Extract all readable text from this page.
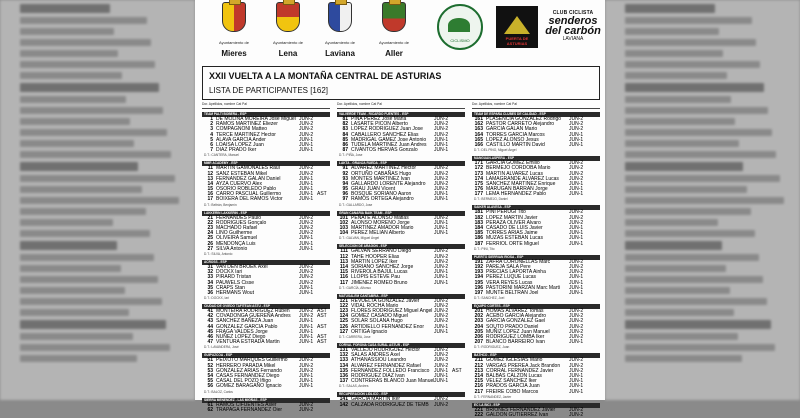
Ayuntamiento de
Mieres
Ayuntamiento de
Lena
Ayuntamiento de
Laviana
Ayuntamiento de
Aller
CICLISMO	PUERTA DE ASTURIAS
CLUB CICLISTA
senderos
del carbón
LAVIANA
XXII VUELTA A LA MONTAÑA CENTRAL DE ASTURIAS
LISTA DE PARTICIPANTES [162]
Dor. Apellidos, nombre Cat Pal
TEAM PALTI BOBERA - ESP
1 DE MOLINA MOREIRA Jose Miguel JUN-2
2 RAMOS MARTINEZ Eliezer	JUN-2
3 COMPAGNONI Matteo	JUN-2
4 TERCE MARTINEZ Hector	JUN-2
5 ALAVA GARCIA Ander	JUN-1
6 LOAISA LOPEZ Juan	JUN-1
7 DIAZ PRADO Iker	JUN-1
D.T.: CANTERA, Manuel
MMR ACADEMY - ESP
11 MARTIN GAMONALES Raul	JUN-2
12 SANZ ESTEBAN Mikel	JUN-2
13 FERNANDEZ GALAN Daniel	JUN-1
14 AYZA CUERVO Alex	JUN-1
15 OSORIO ROBLEDO Pablo	JUN-1
16 CARRO PASCUAL Guillermo	JUN-1 AST
17 BOIXERA DEL RAMOS Victor	JUN-1
D.T.: Beltrán, Benjamín
LAKKERIN LAKKERIN - ESP
21 FERNANDES Paulo	JUN-2
22 RODRIGUES Gonçalo	JUN-2
23 MACHADO Rafael	JUN-2
24 LINO Guilherme	JUN-2
25 OLIVEIRA Samuel	JUN-1
26 MENDONÇA Luis	JUN-1
27 SILVA Antonio	JUN-1
D.T.: SILVA, Antonio
ACROSS - ESP
31 VAN DEN BROEK Axel	JUN-2
32 DOCKX Iari	JUN-2
33 PIRARD Tristan	JUN-2
34 PAUWELS Cisse	JUN-2
35 CRAPS Stan	JUN-1
36 HERMANS Wout	JUN-1
D.T.: DOCKX, Iari
CIUDAD DE OVIEDO TAFITEAN ASTU - ESP
41 MONTEIRA RODRIGUEZ Ruben	JUN-2 AST
42 COVADONGA GUEREÑA Andres	JUN-2 AST
43 SANCHEZ BAÑEZA Juan	JUN-1
44 GONZALEZ GARCIA Pablo	JUN-1 AST
45 FRAGA VALDES Jorge	JUN-1
46 NUÑEZ LOPEZ Diego	JUN-1 AST
47 VENTURA ESTRADA Martin	JUN-1 AST
D.T.: LAVANDERA, José
GUIPUZCOA - ESP
51 PEIXOTO MARQUES Guillermo	JUN-2
52 HERRERO PARADA Mikel	JUN-2
53 GONZALEZ ARIAS Fernando	JUN-2
54 CASAS FERNANDEZ Diego	JUN-1
55 CASAL DEL POZO Iñigo	JUN-1
56 GOMEZ BARAGAÑO Ignacio	JUN-1
D.T.: BALOZ, Carlos
SIERRA MENENDEZ - LAS MIGÑAS - ESP
61 RAMOS CIFUENTES Asier	JUN-2
62 TRAPAGA FERNANDEZ Oier	JUN-2
Dor. Apellidos, nombre Cat Pal
VALVERDE TEAM - RICARDO FUENTES - ESP
81 PIÑA PEREZ Jose Maria	JUN-2
82 LASARTE PICON Alberto	JUN-2
83 LOPEZ RODRIGUEZ Juan Jose	JUN-2
84 CABALLERO SANCHEZ Elias	JUN-2
85 MADRIGAL GAMEZ Jose Antonio	JUN-1
86 TUDELA MARTINEZ Juan Andres	JUN-1
87 CIVANTOS HERVAS Gonzalo	JUN-1
D.T.: PIÑA, Jose
LAKTA - GRANJA RUEDA - ESP
91 ALVAREZ MARTINEZ Hector	JUN-2
92 ORTUÑO CABAÑAS Hugo	JUN-2
93 MONTES MARTINEZ Ivan	JUN-2
94 GALLARDO LORENTE Alejandro	JUN-2
95 GRAU JUAN Vicent	JUN-2
96 BOSQUE SORIANO Aaron	JUN-1
97 RAMOS ORTEGA Alejandro	JUN-1
D.T.: GALLARDO, Jose
GRAN CANARIA BAIK TEAM - ESP
101 PEÑATE ALONSO Matias	JUN-2
102 ALONSO MORENO Jorge	JUN-1
103 MARTINEZ AMADOR Mario	JUN-1
104 PEREZ MELIAN Alberto	JUN-1
D.T.: GALVAN, Miguel Ángel
SELECCION DE ARAGON - ESP
111 GALVAN SERRANO Diego	JUN-2
112 TAHE HOOPER Elias	JUN-2
113 MARTIN LOPEZ Iker	JUN-2
114 SORIANO SANCHEZ Jorge	JUN-2
115 RIVEROLA BAJUL Lucas	JUN-1
116 LLOPIS ESTEVE Pau	JUN-1
117 JIMENEZ ROMEO Bruno	JUN-1
D.T.: GARCÍA, Alfonso
MATUSALEM CANTABRIA - ESP
121 REVUELTA GONZALEZ Javier	JUN-2
122 VIDAL ROCHA Mario	JUN-2
123 FLORES RODRIGUEZ Miguel Angel JUN-2
124 GOMEZ CASADO Miguel	JUN-2
125 SOLAR SOLANA Hugo	JUN-2
126 ARTIDIELLO FERNANDEZ Enor	JUN-1
127 ORTIGA Ignacio	JUN-1
D.T.: CARRERA, Jose
CORVAL FORONA CASA SURAL ASTUR - ESP
131 VALLEJO RODRIGUEZ Hector	JUN-2
132 SALAS ANDRES Axel	JUN-2
133 ATHANASSIOU Leandro	JUN-2
134 ALVAREZ FERNANDEZ Rafael	JUN-2
135 FERNANDEZ FOLLEDO Francisco JUN-1 AST
136 RODRIGUEZ DIAZ Ivan	JUN-1
137 CONTRERAS BLANCO Juan Manuel JUN-1
D.T.: SALAS, Andres
RECUPERACION LIDLICO - ESP
141 GARCIA MARTIN Iker	JUN-2
142 CALZADA RODRIGUEZ DE TEMB	JUN-2
Dor. Apellidos, nombre Cat Pal
TEAM DE ESPAÑA CLUBES DE CALIDAD - ESP
161 PLASENCIA GONZALEZ Rodrigo	JUN-2
162 PASTOR CARRETO Alejandro	JUN-2
163 GARCIA GALAN Mario	JUN-2
164 TORRES GARCIA Marcos	JUN-1
165 LOPEZ ALONSO Jesus	JUN-1
166 CASTILLO MARTIN David	JUN-1
D.T.: DEL PINO, Miguel Ángel
MANGUAN-ASPERA - ESP
171 GARCIA GOMEZ Emilio	JUN-2
172 BERMEJO CORDOBA Mario	JUN-2
173 MARTIN ALVAREZ Lucas	JUN-2
174 LAMAGRANDE ALVAREZ Lucas	JUN-2
175 SANCHEZ MARTINEZ Enrique	JUN-1
176 MARUGAN BARRAN Jorge	JUN-1
177 LEMA HERNANDEZ Pablo	JUN-1
D.T.: BERMEJO, Daniel
SAIKER ALAVESA - ESP
181 PINI PERUGI Tito	JUN-2
182 LOPEZ MARTIN Javier	JUN-2
183 PERAZA OLIVER Alvaro	JUN-2
184 CASADO DE LUIS Javier	JUN-1
185 TORRES ARIAS Jaime	JUN-1
186 MUZAS ESTEBAN Lucas	JUN-1
187 FERRIOL ORTE Miguel	JUN-1
D.T.: PINI, Tito
PUERTO SIERRIAN RIOSA - ESP
191 ZAFRA CORONELLAS Marc	JUN-2
192 PAREJA SALA Pere	JUN-2
193 PRECIAS LAPORTA Ainha	JUN-2
194 PEREZ LUQUE Lucas	JUN-1
195 VERA REYES Lucas	JUN-1
196 PASTORINI MARZAN Marc Marti	JUN-1
197 MUNTE BELTRAN Joel	JUN-1
D.T.: SANCHEZ, Joel
EQUIPO CORTES - ESP
201 HOMAS ALVAREZ Tomas	JUN-2
202 ACEBO GARCIA Alejandro	JUN-2
203 GARCIA GONZALEZ Gael	JUN-2
204 SOUTO PRADO Daniel	JUN-2
205 MUÑIZ LOPEZ Juan Manuel	JUN-2
206 RODRIGUEZ LOMBA Iker	JUN-2
207 BLANCO BARREIRO Ivan	JUN-1
D.T.: RODRIGUEZ, Juan
BATHCO - ESP
211 GOMEZ IGLESIAS Mario	JUN-2
212 VARGAS PREREA Jack Brandon	JUN-2
213 CORRAL FERNANDEZ Javier	JUN-2
214 BALBAS CALZON Lucas	JUN-1
215 VELEZ SANCHEZ Iker	JUN-1
216 PRADOS GARCIA Juan	JUN-1
217 FREIRE COBO Marcos	JUN-1
D.T.: FERNANDEZ, Javier
EC LA BICI - ESP
221 BRIONES FERNANDEZ Javier	JUN-2
222 GALDON GUTIERREZ Ivan	JUN-2
